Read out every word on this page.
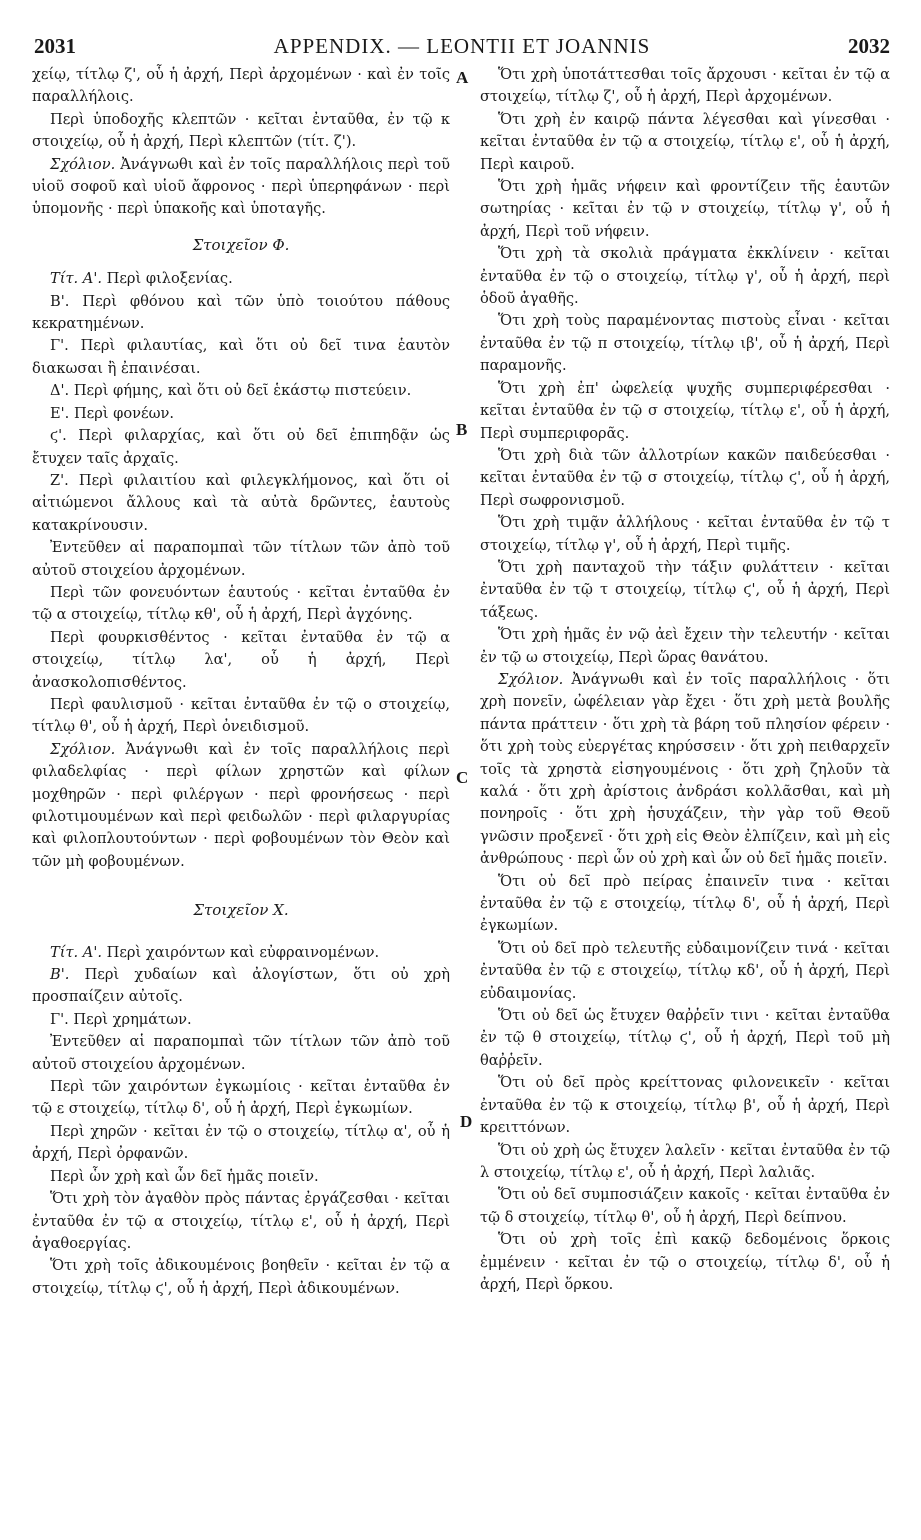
2031	APPENDIX. — LEONTII ET JOANNIS	2032
A
B
C
D

χείῳ, τίτλῳ ζ', οὗ ἡ ἀρχή, Περὶ ἀρχομένων · καὶ ἐν τοῖς παραλλήλοις.

Περὶ ὑποδοχῆς κλεπτῶν · κεῖται ἐνταῦθα, ἐν τῷ κ στοιχείῳ, οὗ ἡ ἀρχή, Περὶ κλεπτῶν (τίτ. ζ').

Σχόλιον. Ἀνάγνωθι καὶ ἐν τοῖς παραλλήλοις περὶ τοῦ υἱοῦ σοφοῦ καὶ υἱοῦ ἄφρονος · περὶ ὑπερηφάνων · περὶ ὑπομονῆς · περὶ ὑπακοῆς καὶ ὑποταγῆς.

Στοιχεῖον Φ.

Τίτ. Α'. Περὶ φιλοξενίας.

Β'. Περὶ φθόνου καὶ τῶν ὑπὸ τοιούτου πάθους κεκρατημένων.

Γ'. Περὶ φιλαυτίας, καὶ ὅτι οὐ δεῖ τινα ἑαυτὸν διακωσαι ἢ ἐπαινέσαι.

Δ'. Περὶ φήμης, καὶ ὅτι οὐ δεῖ ἑκάστῳ πιστεύειν.

Ε'. Περὶ φονέων.

ϛ'. Περὶ φιλαρχίας, καὶ ὅτι οὐ δεῖ ἐπιπηδᾷν ὡς ἔτυχεν ταῖς ἀρχαῖς.

Ζ'. Περὶ φιλαιτίου καὶ φιλεγκλήμονος, καὶ ὅτι οἱ αἰτιώμενοι ἄλλους καὶ τὰ αὐτὰ δρῶντες, ἑαυτοὺς κατακρίνουσιν.

Ἐντεῦθεν αἱ παραπομπαὶ τῶν τίτλων τῶν ἀπὸ τοῦ αὐτοῦ στοιχείου ἀρχομένων.

Περὶ τῶν φονευόντων ἑαυτούς · κεῖται ἐνταῦθα ἐν τῷ α στοιχείῳ, τίτλῳ κθ', οὗ ἡ ἀρχή, Περὶ ἀγχόνης.

Περὶ φουρκισθέντος · κεῖται ἐνταῦθα ἐν τῷ α στοιχείῳ, τίτλῳ λα', οὗ ἡ ἀρχή, Περὶ ἀνασκολοπισθέντος.

Περὶ φαυλισμοῦ · κεῖται ἐνταῦθα ἐν τῷ ο στοιχείῳ, τίτλῳ θ', οὗ ἡ ἀρχή, Περὶ ὀνειδισμοῦ.

Σχόλιον. Ἀνάγνωθι καὶ ἐν τοῖς παραλλήλοις περὶ φιλαδελφίας · περὶ φίλων χρηστῶν καὶ φίλων μοχθηρῶν · περὶ φιλέργων · περὶ φρονήσεως · περὶ φιλοτιμουμένων καὶ περὶ φειδωλῶν · περὶ φιλαργυρίας καὶ φιλοπλουτούντων · περὶ φοβουμένων τὸν Θεὸν καὶ τῶν μὴ φοβουμένων.

Στοιχεῖον Χ.

Τίτ. Α'. Περὶ χαιρόντων καὶ εὐφραινομένων.

Β'. Περὶ χυδαίων καὶ ἀλογίστων, ὅτι οὐ χρὴ προσπαίζειν αὐτοῖς.

Γ'. Περὶ χρημάτων.

Ἐντεῦθεν αἱ παραπομπαὶ τῶν τίτλων τῶν ἀπὸ τοῦ αὐτοῦ στοιχείου ἀρχομένων.

Περὶ τῶν χαιρόντων ἐγκωμίοις · κεῖται ἐνταῦθα ἐν τῷ ε στοιχείῳ, τίτλῳ δ', οὗ ἡ ἀρχή, Περὶ ἐγκωμίων.

Περὶ χηρῶν · κεῖται ἐν τῷ ο στοιχείῳ, τίτλῳ α', οὗ ἡ ἀρχή, Περὶ ὀρφανῶν.

Περὶ ὧν χρὴ καὶ ὧν δεῖ ἡμᾶς ποιεῖν.

Ὅτι χρὴ τὸν ἀγαθὸν πρὸς πάντας ἐργάζεσθαι · κεῖται ἐνταῦθα ἐν τῷ α στοιχείῳ, τίτλῳ ε', οὗ ἡ ἀρχή, Περὶ ἀγαθοεργίας.

Ὅτι χρὴ τοῖς ἀδικουμένοις βοηθεῖν · κεῖται ἐν τῷ α στοιχείῳ, τίτλῳ ϛ', οὗ ἡ ἀρχή, Περὶ ἀδικουμένων.

Ὅτι χρὴ ὑποτάττεσθαι τοῖς ἄρχουσι · κεῖται ἐν τῷ α στοιχείῳ, τίτλῳ ζ', οὗ ἡ ἀρχή, Περὶ ἀρχομένων.

Ὅτι χρὴ ἐν καιρῷ πάντα λέγεσθαι καὶ γίνεσθαι · κεῖται ἐνταῦθα ἐν τῷ α στοιχείῳ, τίτλῳ ε', οὗ ἡ ἀρχή, Περὶ καιροῦ.

Ὅτι χρὴ ἡμᾶς νήφειν καὶ φροντίζειν τῆς ἑαυτῶν σωτηρίας · κεῖται ἐν τῷ ν στοιχείῳ, τίτλῳ γ', οὗ ἡ ἀρχή, Περὶ τοῦ νήφειν.

Ὅτι χρὴ τὰ σκολιὰ πράγματα ἐκκλίνειν · κεῖται ἐνταῦθα ἐν τῷ ο στοιχείῳ, τίτλῳ γ', οὗ ἡ ἀρχή, περὶ ὁδοῦ ἀγαθῆς.

Ὅτι χρὴ τοὺς παραμένοντας πιστοὺς εἶναι · κεῖται ἐνταῦθα ἐν τῷ π στοιχείῳ, τίτλῳ ιβ', οὗ ἡ ἀρχή, Περὶ παραμονῆς.

Ὅτι χρὴ ἐπ' ὠφελείᾳ ψυχῆς συμπεριφέρεσθαι · κεῖται ἐνταῦθα ἐν τῷ σ στοιχείῳ, τίτλῳ ε', οὗ ἡ ἀρχή, Περὶ συμπεριφορᾶς.

Ὅτι χρὴ διὰ τῶν ἀλλοτρίων κακῶν παιδεύεσθαι · κεῖται ἐνταῦθα ἐν τῷ σ στοιχείῳ, τίτλῳ ϛ', οὗ ἡ ἀρχή, Περὶ σωφρονισμοῦ.

Ὅτι χρὴ τιμᾷν ἀλλήλους · κεῖται ἐνταῦθα ἐν τῷ τ στοιχείῳ, τίτλῳ γ', οὗ ἡ ἀρχή, Περὶ τιμῆς.

Ὅτι χρὴ πανταχοῦ τὴν τάξιν φυλάττειν · κεῖται ἐνταῦθα ἐν τῷ τ στοιχείῳ, τίτλῳ ϛ', οὗ ἡ ἀρχή, Περὶ τάξεως.

Ὅτι χρὴ ἡμᾶς ἐν νῷ ἀεὶ ἔχειν τὴν τελευτήν · κεῖται ἐν τῷ ω στοιχείῳ, Περὶ ὥρας θανάτου.

Σχόλιον. Ἀνάγνωθι καὶ ἐν τοῖς παραλλήλοις · ὅτι χρὴ πονεῖν, ὠφέλειαν γὰρ ἔχει · ὅτι χρὴ μετὰ βουλῆς πάντα πράττειν · ὅτι χρὴ τὰ βάρη τοῦ πλησίον φέρειν · ὅτι χρὴ τοὺς εὐεργέτας κηρύσσειν · ὅτι χρὴ πειθαρχεῖν τοῖς τὰ χρηστὰ εἰσηγουμένοις · ὅτι χρὴ ζηλοῦν τὰ καλά · ὅτι χρὴ ἀρίστοις ἀνδράσι κολλᾶσθαι, καὶ μὴ πονηροῖς · ὅτι χρὴ ἡσυχάζειν, τὴν γὰρ τοῦ Θεοῦ γνῶσιν προξενεῖ · ὅτι χρὴ εἰς Θεὸν ἐλπίζειν, καὶ μὴ εἰς ἀνθρώπους · περὶ ὧν οὐ χρὴ καὶ ὧν οὐ δεῖ ἡμᾶς ποιεῖν.

Ὅτι οὐ δεῖ πρὸ πείρας ἐπαινεῖν τινα · κεῖται ἐνταῦθα ἐν τῷ ε στοιχείῳ, τίτλῳ δ', οὗ ἡ ἀρχή, Περὶ ἐγκωμίων.

Ὅτι οὐ δεῖ πρὸ τελευτῆς εὐδαιμονίζειν τινά · κεῖται ἐνταῦθα ἐν τῷ ε στοιχείῳ, τίτλῳ κδ', οὗ ἡ ἀρχή, Περὶ εὐδαιμονίας.

Ὅτι οὐ δεῖ ὡς ἔτυχεν θαῤῥεῖν τινι · κεῖται ἐνταῦθα ἐν τῷ θ στοιχείῳ, τίτλῳ ϛ', οὗ ἡ ἀρχή, Περὶ τοῦ μὴ θαῤῥεῖν.

Ὅτι οὐ δεῖ πρὸς κρείττονας φιλονεικεῖν · κεῖται ἐνταῦθα ἐν τῷ κ στοιχείῳ, τίτλῳ β', οὗ ἡ ἀρχή, Περὶ κρειττόνων.

Ὅτι οὐ χρὴ ὡς ἔτυχεν λαλεῖν · κεῖται ἐνταῦθα ἐν τῷ λ στοιχείῳ, τίτλῳ ε', οὗ ἡ ἀρχή, Περὶ λαλιᾶς.

Ὅτι οὐ δεῖ συμποσιάζειν κακοῖς · κεῖται ἐνταῦθα ἐν τῷ δ στοιχείῳ, τίτλῳ θ', οὗ ἡ ἀρχή, Περὶ δείπνου.

Ὅτι οὐ χρὴ τοῖς ἐπὶ κακῷ δεδομένοις ὅρκοις ἐμμένειν · κεῖται ἐν τῷ ο στοιχείῳ, τίτλῳ δ', οὗ ἡ ἀρχή, Περὶ ὅρκου.
